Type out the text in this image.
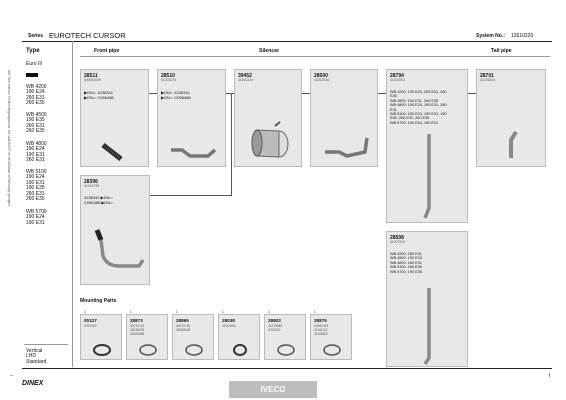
Series EUROTECH CURSOR	System No.: 12610220
Alle Teile sind nur Teil des Abgassystems. Sie sind NICHT fur den Einbau in Fahrzeuge geeignet.
Type
Euro III
WB 4200
190 E24
260 E31
260 E35
WB 4500
190 E35
260 E31
260 E35
WB 4800
190 E24
190 E31
260 E31
WB 5100
190 E24
190 E31
190 E35
260 E31
260 E35
WB 5700
190 E24
190 E31
Vertical
LHD
Standard
Front pipe	Silencer	Tail pipe
28511
500091049
▶DN=: 4236341
▶DN=: C056488
28510
41201370
▶DN=: 4236341
▶DN=: C056488
39452
41161324
28500
41202936
28794
41201503
WB 4200: 190 E24, 260 E31, 260
E35
WB 4500: 190 E31, 260 E35
WB 4800: 190 E24, 190 E31, 260
E31
WB 5100: 190 E24, 190 E31, 190
E35, 260 E31, 260 E35
WB 5700: 190 E24, 190 E31
28701
41201503
28396
41214799
4236342 ▶DN=:
C056488 ▶DN=:
28508
41207513
WB 4200: 260 E31
WB 4500: 190 E24
WB 4800: 260 E31
WB 5100: 260 E35
WB 5700: 190 E35
Mounting Parts
1
00127
4700000
1
28873
42070715
42036025
42061658
1
28865
42070715
42060168
1
28038
41203551
1
28803
41275883
4700000
1
28876
42081015
41161312
41158300
–	I
DINEX
IVECO
